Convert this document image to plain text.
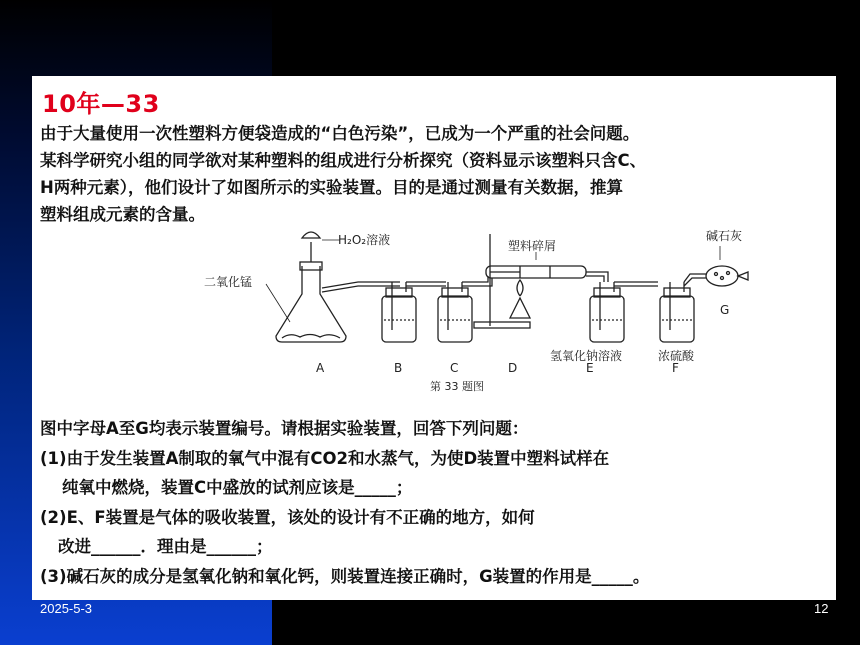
10年—33
由于大量使用一次性塑料方便袋造成的“白色污染”，已成为一个严重的社会问题。
某科学研究小组的同学欲对某种塑料的组成进行分析探究（资料显示该塑料只含C、
H两种元素），他们设计了如图所示的实验装置。目的是通过测量有关数据，推算
塑料组成元素的含量。
H₂O₂溶液	塑料碎屑
碱石灰
二氧化锰
氢氧化钠溶液	浓硫酸
A	B	C	D	E	F
G
第 33 题图
图中字母A至G均表示装置编号。请根据实验装置，回答下列问题：
(1)由于发生装置A制取的氧气中混有CO2和水蒸气，为使D装置中塑料试样在
纯氧中燃烧，装置C中盛放的试剂应该是_____；
(2)E、F装置是气体的吸收装置，该处的设计有不正确的地方，如何
改进______．理由是______；
(3)碱石灰的成分是氢氧化钠和氧化钙，则装置连接正确时，G装置的作用是_____。
2025-5-3	12
